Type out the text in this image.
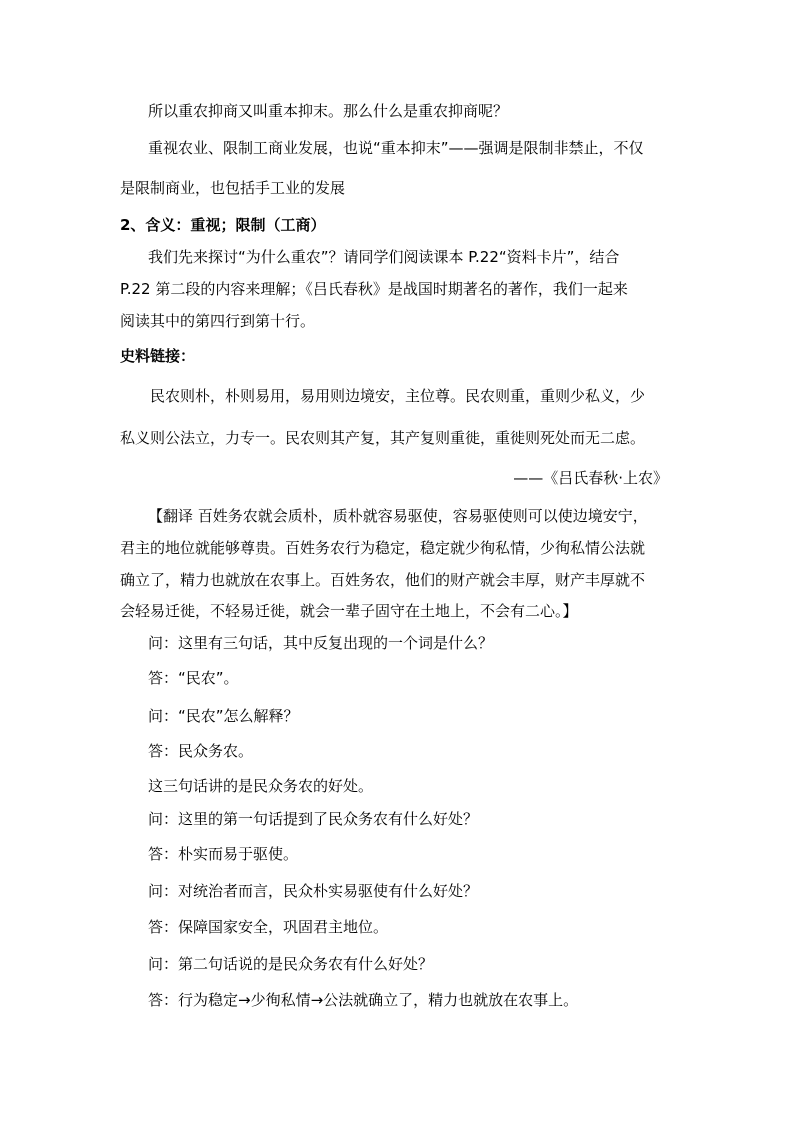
所以重农抑商又叫重本抑末。那么什么是重农抑商呢？
重视农业、限制工商业发展，也说“重本抑末”——强调是限制非禁止，不仅
是限制商业，也包括手工业的发展
2、含义：重视；限制（工商）
我们先来探讨“为什么重农”？请同学们阅读课本 P.22“资料卡片”，结合
P.22 第二段的内容来理解；《吕氏春秋》是战国时期著名的著作，我们一起来
阅读其中的第四行到第十行。
史料链接：
民农则朴，朴则易用，易用则边境安，主位尊。民农则重，重则少私义，少
私义则公法立，力专一。民农则其产复，其产复则重徙，重徙则死处而无二虑。
——《吕氏春秋·上农》
【翻译 百姓务农就会质朴，质朴就容易驱使，容易驱使则可以使边境安宁，
君主的地位就能够尊贵。百姓务农行为稳定，稳定就少徇私情，少徇私情公法就
确立了，精力也就放在农事上。百姓务农，他们的财产就会丰厚，财产丰厚就不
会轻易迁徙，不轻易迁徙，就会一辈子固守在土地上，不会有二心。】
问：这里有三句话，其中反复出现的一个词是什么？
答：“民农”。
问：“民农”怎么解释？
答：民众务农。
这三句话讲的是民众务农的好处。
问：这里的第一句话提到了民众务农有什么好处？
答：朴实而易于驱使。
问：对统治者而言，民众朴实易驱使有什么好处？
答：保障国家安全，巩固君主地位。
问：第二句话说的是民众务农有什么好处？
答：行为稳定→少徇私情→公法就确立了，精力也就放在农事上。
